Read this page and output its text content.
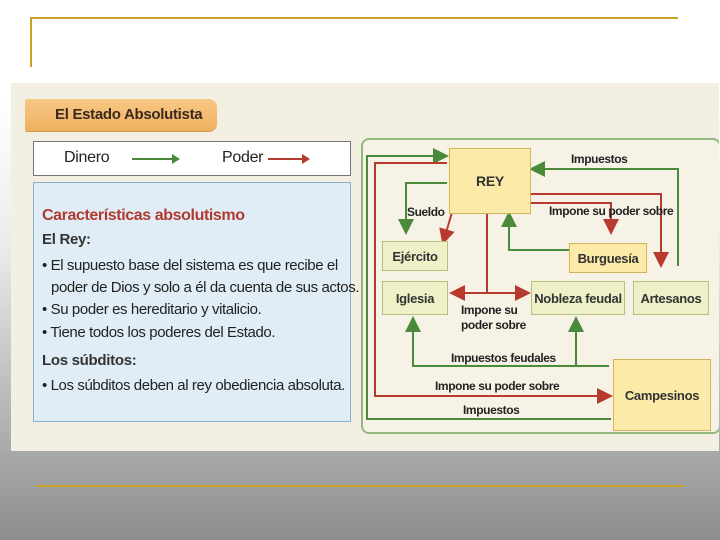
El Estado Absolutista
Dinero	Poder
Características absolutismo
El Rey:
• El supuesto base del sistema es que recibe el
poder de Dios y solo a él da cuenta de sus actos.
• Su poder es hereditario y vitalicio.
• Tiene todos los poderes del Estado.
Los súbditos:
• Los súbditos deben al rey obediencia absoluta.
REY
Ejército
Iglesia
Burguesía
Nobleza feudal	Artesanos
Campesinos
Impuestos
Sueldo	Impone su poder sobre
Impone su
poder sobre
Impuestos feudales
Impone su poder sobre
Impuestos
